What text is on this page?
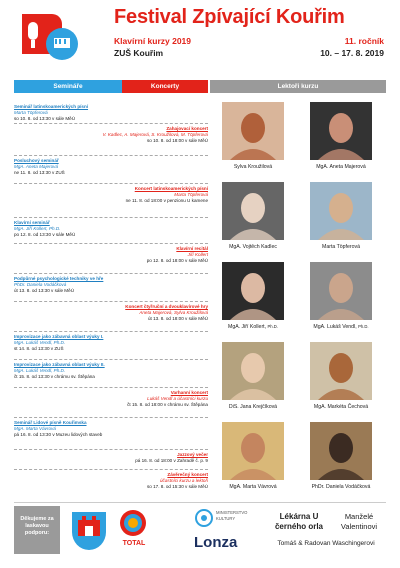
Festival Zpívající Kouřim
Klavírní kurzy 2019
ZUŠ Kouřim
11. ročník
10. – 17. 8. 2019
Semináře	Koncerty	Lektoři kurzu
Seminář latinskoamerických písní
Marta Töpferová
so 10. 8. od 13:30 v sále MěÚ
Zahajovací koncert
V. Kadlec, A. Majerová, S. Kroužilová, M. Töpferová
so 10. 8. od 18:00 v sále MěÚ
Posluchový seminář
MgA. Aneta Majerová
ne 11. 8. od 13:30 v ZUŠ
Koncert latinskoamerických písní
Marta Töpferová
ne 11. 8. od 18:00 v penzionu U kamene
Klavírní seminář
MgA. Jiří Kollert, Ph.D.
po 12. 8. od 13:30 v sále MěÚ
Klavírní recitál
Jiří Kollert
po 12. 8. od 18:00 v sále MěÚ
Podpůrné psychologické techniky ve hře
PhDr. Daniela Vodáčková
út 13. 8. od 13:30 v sále MěÚ
Koncert čtyřruční a dvouklavírové hry
Aneta Majerová, Sylva Kroužilová
út 13. 8. od 18:00 v sále MěÚ
Improvizace jako zábavná oblast výuky I.
MgA. Lukáš Vendl, Ph.D.
st 14. 8. od 13:30 v ZUŠ
Improvizace jako zábavná oblast výuky II.
MgA. Lukáš Vendl, Ph.D.
čt 15. 8. od 13:30 v chrámu sv. Štěpána
Varhanní koncert
Lukáš Vendl a účastníci kurzu
čt 15. 8. od 18:00 v chrámu sv. Štěpána
Seminář Lidové písně Kouřimska
MgA. Marta Vávrová
pá 16. 8. od 13:30 v Muzeu lidových staveb
Jazzový večer
pá 16. 8. od 18:00 v Zahradě č. p. 9
Závěrečný koncert
účastníci kurzu a lektoři
so 17. 8. od 15:30 v sále MěÚ
Sylva Kroužilová	MgA. Aneta Majerová
MgA. Vojtěch Kadlec	Marta Töpferová
MgA. Jiří Kollert, Ph.D.	MgA. Lukáš Vendl, Ph.D.
DiS. Jana Krejčíková	MgA. Markéta Čechová
MgA. Marta Vávrová	PhDr. Daniela Vodáčková
Děkujeme za laskavou podporu:
TOTAL
MINISTERSTVO KULTURY
Lonza
Lékárna U černého orla
Manželé Valentinovi
Tomáš & Radovan Waschingerovi
